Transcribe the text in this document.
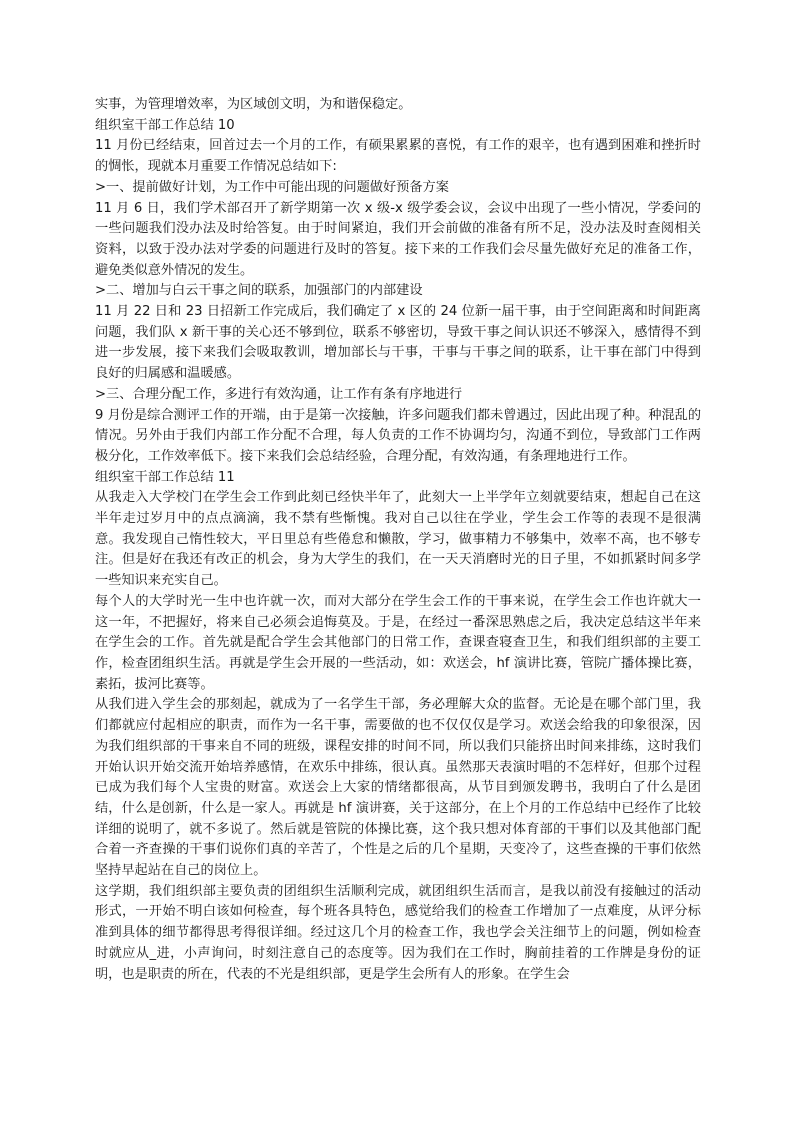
实事，为管理增效率，为区域创文明，为和谐保稳定。

组织室干部工作总结 10

11 月份已经结束，回首过去一个月的工作，有硕果累累的喜悦，有工作的艰辛，也有遇到困难和挫折时的惆怅，现就本月重要工作情况总结如下:

>一、提前做好计划，为工作中可能出现的问题做好预备方案

11 月 6 日，我们学术部召开了新学期第一次 x 级-x 级学委会议，会议中出现了一些小情况，学委问的一些问题我们没办法及时给答复。由于时间紧迫，我们开会前做的准备有所不足，没办法及时查阅相关资料，以致于没办法对学委的问题进行及时的答复。接下来的工作我们会尽量先做好充足的准备工作，避免类似意外情况的发生。

>二、增加与白云干事之间的联系，加强部门的内部建设

11 月 22 日和 23 日招新工作完成后，我们确定了 x 区的 24 位新一届干事，由于空间距离和时间距离问题，我们队 x 新干事的关心还不够到位，联系不够密切，导致干事之间认识还不够深入，感情得不到进一步发展，接下来我们会吸取教训，增加部长与干事，干事与干事之间的联系，让干事在部门中得到良好的归属感和温暖感。

>三、合理分配工作，多进行有效沟通，让工作有条有序地进行

9 月份是综合测评工作的开端，由于是第一次接触，许多问题我们都未曾遇过，因此出现了种。种混乱的情况。另外由于我们内部工作分配不合理，每人负责的工作不协调均匀，沟通不到位，导致部门工作两极分化，工作效率低下。接下来我们会总结经验，合理分配，有效沟通，有条理地进行工作。

组织室干部工作总结 11

从我走入大学校门在学生会工作到此刻已经快半年了，此刻大一上半学年立刻就要结束，想起自己在这半年走过岁月中的点点滴滴，我不禁有些惭愧。我对自己以往在学业，学生会工作等的表现不是很满意。我发现自己惰性较大，平日里总有些倦怠和懒散，学习，做事精力不够集中，效率不高，也不够专注。但是好在我还有改正的机会，身为大学生的我们，在一天天消磨时光的日子里，不如抓紧时间多学一些知识来充实自己。

每个人的大学时光一生中也许就一次，而对大部分在学生会工作的干事来说，在学生会工作也许就大一这一年，不把握好，将来自己必须会追悔莫及。于是，在经过一番深思熟虑之后，我决定总结这半年来在学生会的工作。首先就是配合学生会其他部门的日常工作，查课查寝查卫生，和我们组织部的主要工作，检查团组织生活。再就是学生会开展的一些活动，如：欢送会，hf 演讲比赛，管院广播体操比赛，素拓，拔河比赛等。

从我们进入学生会的那刻起，就成为了一名学生干部，务必理解大众的监督。无论是在哪个部门里，我们都就应付起相应的职责，而作为一名干事，需要做的也不仅仅仅是学习。欢送会给我的印象很深，因为我们组织部的干事来自不同的班级，课程安排的时间不同，所以我们只能挤出时间来排练，这时我们开始认识开始交流开始培养感情，在欢乐中排练，很认真。虽然那天表演时唱的不怎样好，但那个过程已成为我们每个人宝贵的财富。欢送会上大家的情绪都很高，从节目到颁发聘书，我明白了什么是团结，什么是创新，什么是一家人。再就是 hf 演讲赛，关于这部分，在上个月的工作总结中已经作了比较详细的说明了，就不多说了。然后就是管院的体操比赛，这个我只想对体育部的干事们以及其他部门配合着一齐查操的干事们说你们真的辛苦了，个性是之后的几个星期，天变冷了，这些查操的干事们依然坚持早起站在自己的岗位上。

这学期，我们组织部主要负责的团组织生活顺利完成，就团组织生活而言，是我以前没有接触过的活动形式，一开始不明白该如何检查，每个班各具特色，感觉给我们的检查工作增加了一点难度，从评分标准到具体的细节都得思考得很详细。经过这几个月的检查工作，我也学会关注细节上的问题，例如检查时就应从_进，小声询问，时刻注意自己的态度等。因为我们在工作时，胸前挂着的工作牌是身份的证明，也是职责的所在，代表的不光是组织部，更是学生会所有人的形象。在学生会
